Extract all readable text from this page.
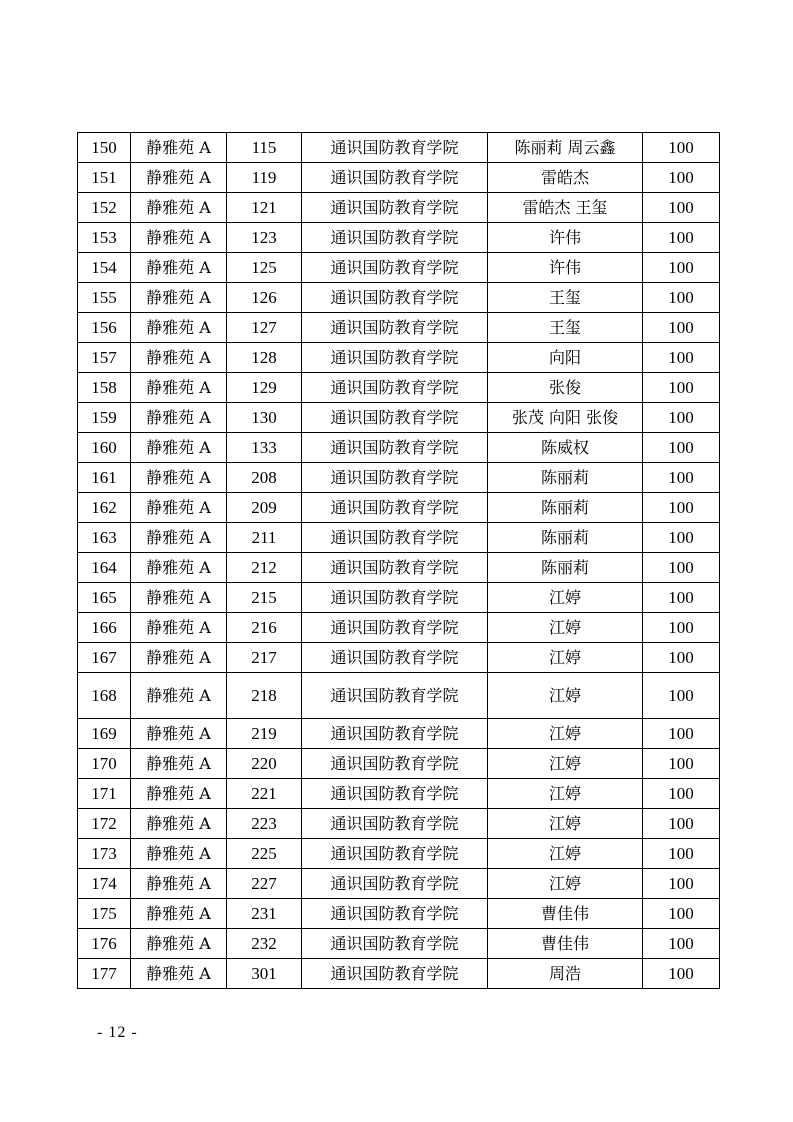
150	静雅苑 A	115	通识国防教育学院	陈丽莉 周云鑫	100
151	静雅苑 A	119	通识国防教育学院	雷皓杰	100
152	静雅苑 A	121	通识国防教育学院	雷皓杰 王玺	100
153	静雅苑 A	123	通识国防教育学院	许伟	100
154	静雅苑 A	125	通识国防教育学院	许伟	100
155	静雅苑 A	126	通识国防教育学院	王玺	100
156	静雅苑 A	127	通识国防教育学院	王玺	100
157	静雅苑 A	128	通识国防教育学院	向阳	100
158	静雅苑 A	129	通识国防教育学院	张俊	100
159	静雅苑 A	130	通识国防教育学院	张茂 向阳 张俊	100
160	静雅苑 A	133	通识国防教育学院	陈威权	100
161	静雅苑 A	208	通识国防教育学院	陈丽莉	100
162	静雅苑 A	209	通识国防教育学院	陈丽莉	100
163	静雅苑 A	211	通识国防教育学院	陈丽莉	100
164	静雅苑 A	212	通识国防教育学院	陈丽莉	100
165	静雅苑 A	215	通识国防教育学院	江婷	100
166	静雅苑 A	216	通识国防教育学院	江婷	100
167	静雅苑 A	217	通识国防教育学院	江婷	100
168	静雅苑 A	218	通识国防教育学院	江婷	100
169	静雅苑 A	219	通识国防教育学院	江婷	100
170	静雅苑 A	220	通识国防教育学院	江婷	100
171	静雅苑 A	221	通识国防教育学院	江婷	100
172	静雅苑 A	223	通识国防教育学院	江婷	100
173	静雅苑 A	225	通识国防教育学院	江婷	100
174	静雅苑 A	227	通识国防教育学院	江婷	100
175	静雅苑 A	231	通识国防教育学院	曹佳伟	100
176	静雅苑 A	232	通识国防教育学院	曹佳伟	100
177	静雅苑 A	301	通识国防教育学院	周浩	100
- 12 -
